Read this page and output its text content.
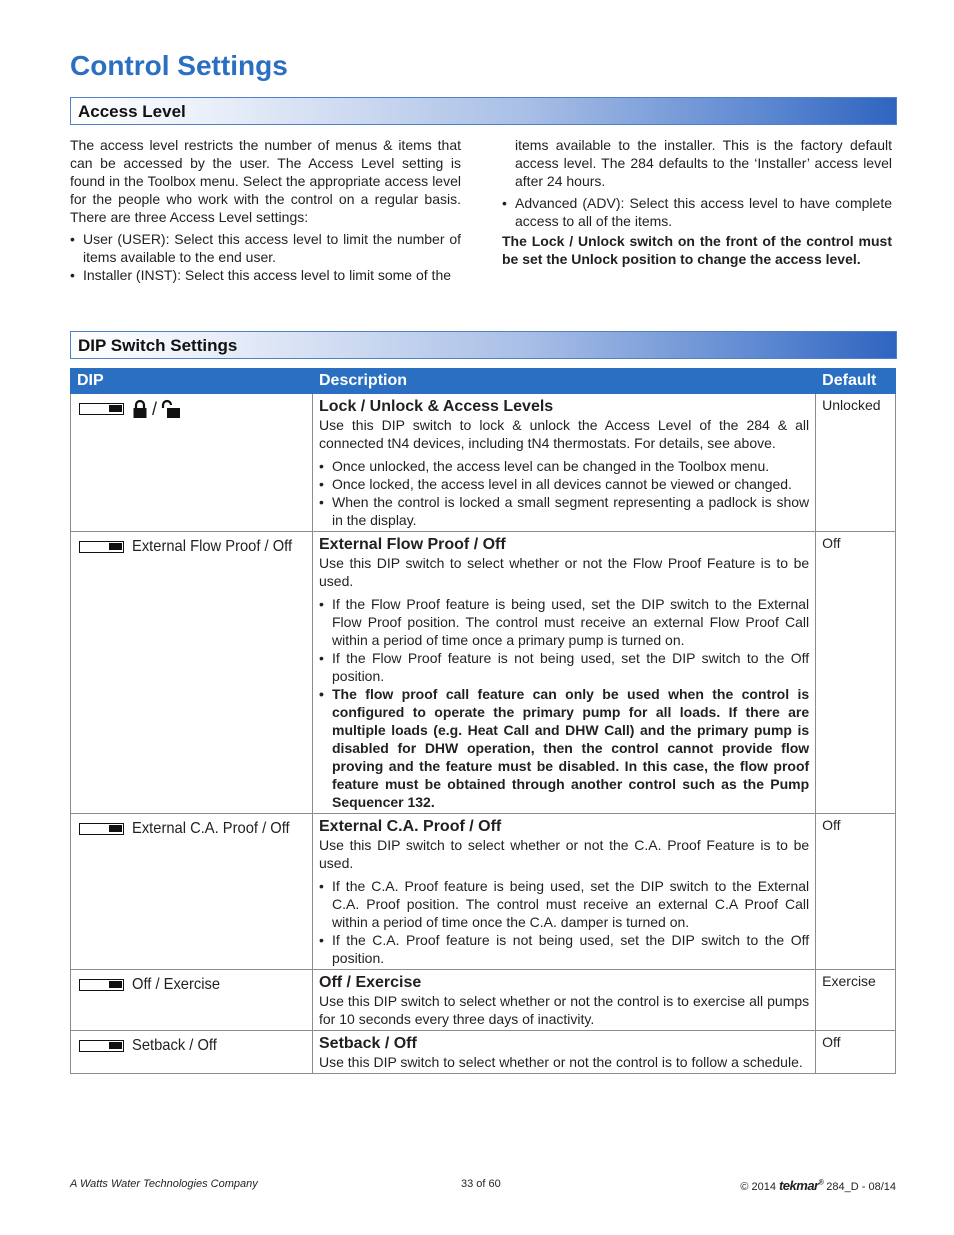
Control Settings
Access Level

The access level restricts the number of menus & items that can be accessed by the user. The Access Level setting is found in the Toolbox menu. Select the appropriate access level for the people who work with the control on a regular basis. There are three Access Level settings:

• User (USER): Select this access level to limit the number of items available to the end user.
• Installer (INST): Select this access level to limit some of the

items available to the installer. This is the factory default access level. The 284 defaults to the ‘Installer’ access level after 24 hours.

• Advanced (ADV): Select this access level to have complete access to all of the items.

The Lock / Unlock switch on the front of the control must be set the Unlock position to change the access level.

DIP Switch Settings
DIP	Description	Default

/	Lock / Unlock & Access Levels
Use this DIP switch to lock & unlock the Access Level of the 284 & all connected tN4 devices, including tN4 thermostats. For details, see above.
• Once unlocked, the access level can be changed in the Toolbox menu.
• Once locked, the access level in all devices cannot be viewed or changed.
• When the control is locked a small segment representing a padlock is show in the display.	Unlocked

External Flow Proof / Off	External Flow Proof / Off
Use this DIP switch to select whether or not the Flow Proof Feature is to be used.
• If the Flow Proof feature is being used, set the DIP switch to the External Flow Proof position. The control must receive an external Flow Proof Call within a period of time once a primary pump is turned on.
• If the Flow Proof feature is not being used, set the DIP switch to the Off position.
• The flow proof call feature can only be used when the control is configured to operate the primary pump for all loads. If there are multiple loads (e.g. Heat Call and DHW Call) and the primary pump is disabled for DHW operation, then the control cannot provide flow proving and the feature must be disabled. In this case, the flow proof feature must be obtained through another control such as the Pump Sequencer 132.	Off

External C.A. Proof / Off	External C.A. Proof / Off
Use this DIP switch to select whether or not the C.A. Proof Feature is to be used.
• If the C.A. Proof feature is being used, set the DIP switch to the External C.A. Proof position. The control must receive an external C.A Proof Call within a period of time once the C.A. damper is turned on.
• If the C.A. Proof feature is not being used, set the DIP switch to the Off position.	Off

Off / Exercise	Off / Exercise
Use this DIP switch to select whether or not the control is to exercise all pumps for 10 seconds every three days of inactivity.	Exercise

Setback / Off	Setback / Off
Use this DIP switch to select whether or not the control is to follow a schedule.	Off
A Watts Water Technologies Company	33 of 60	© 2014 tekmar® 284_D - 08/14
